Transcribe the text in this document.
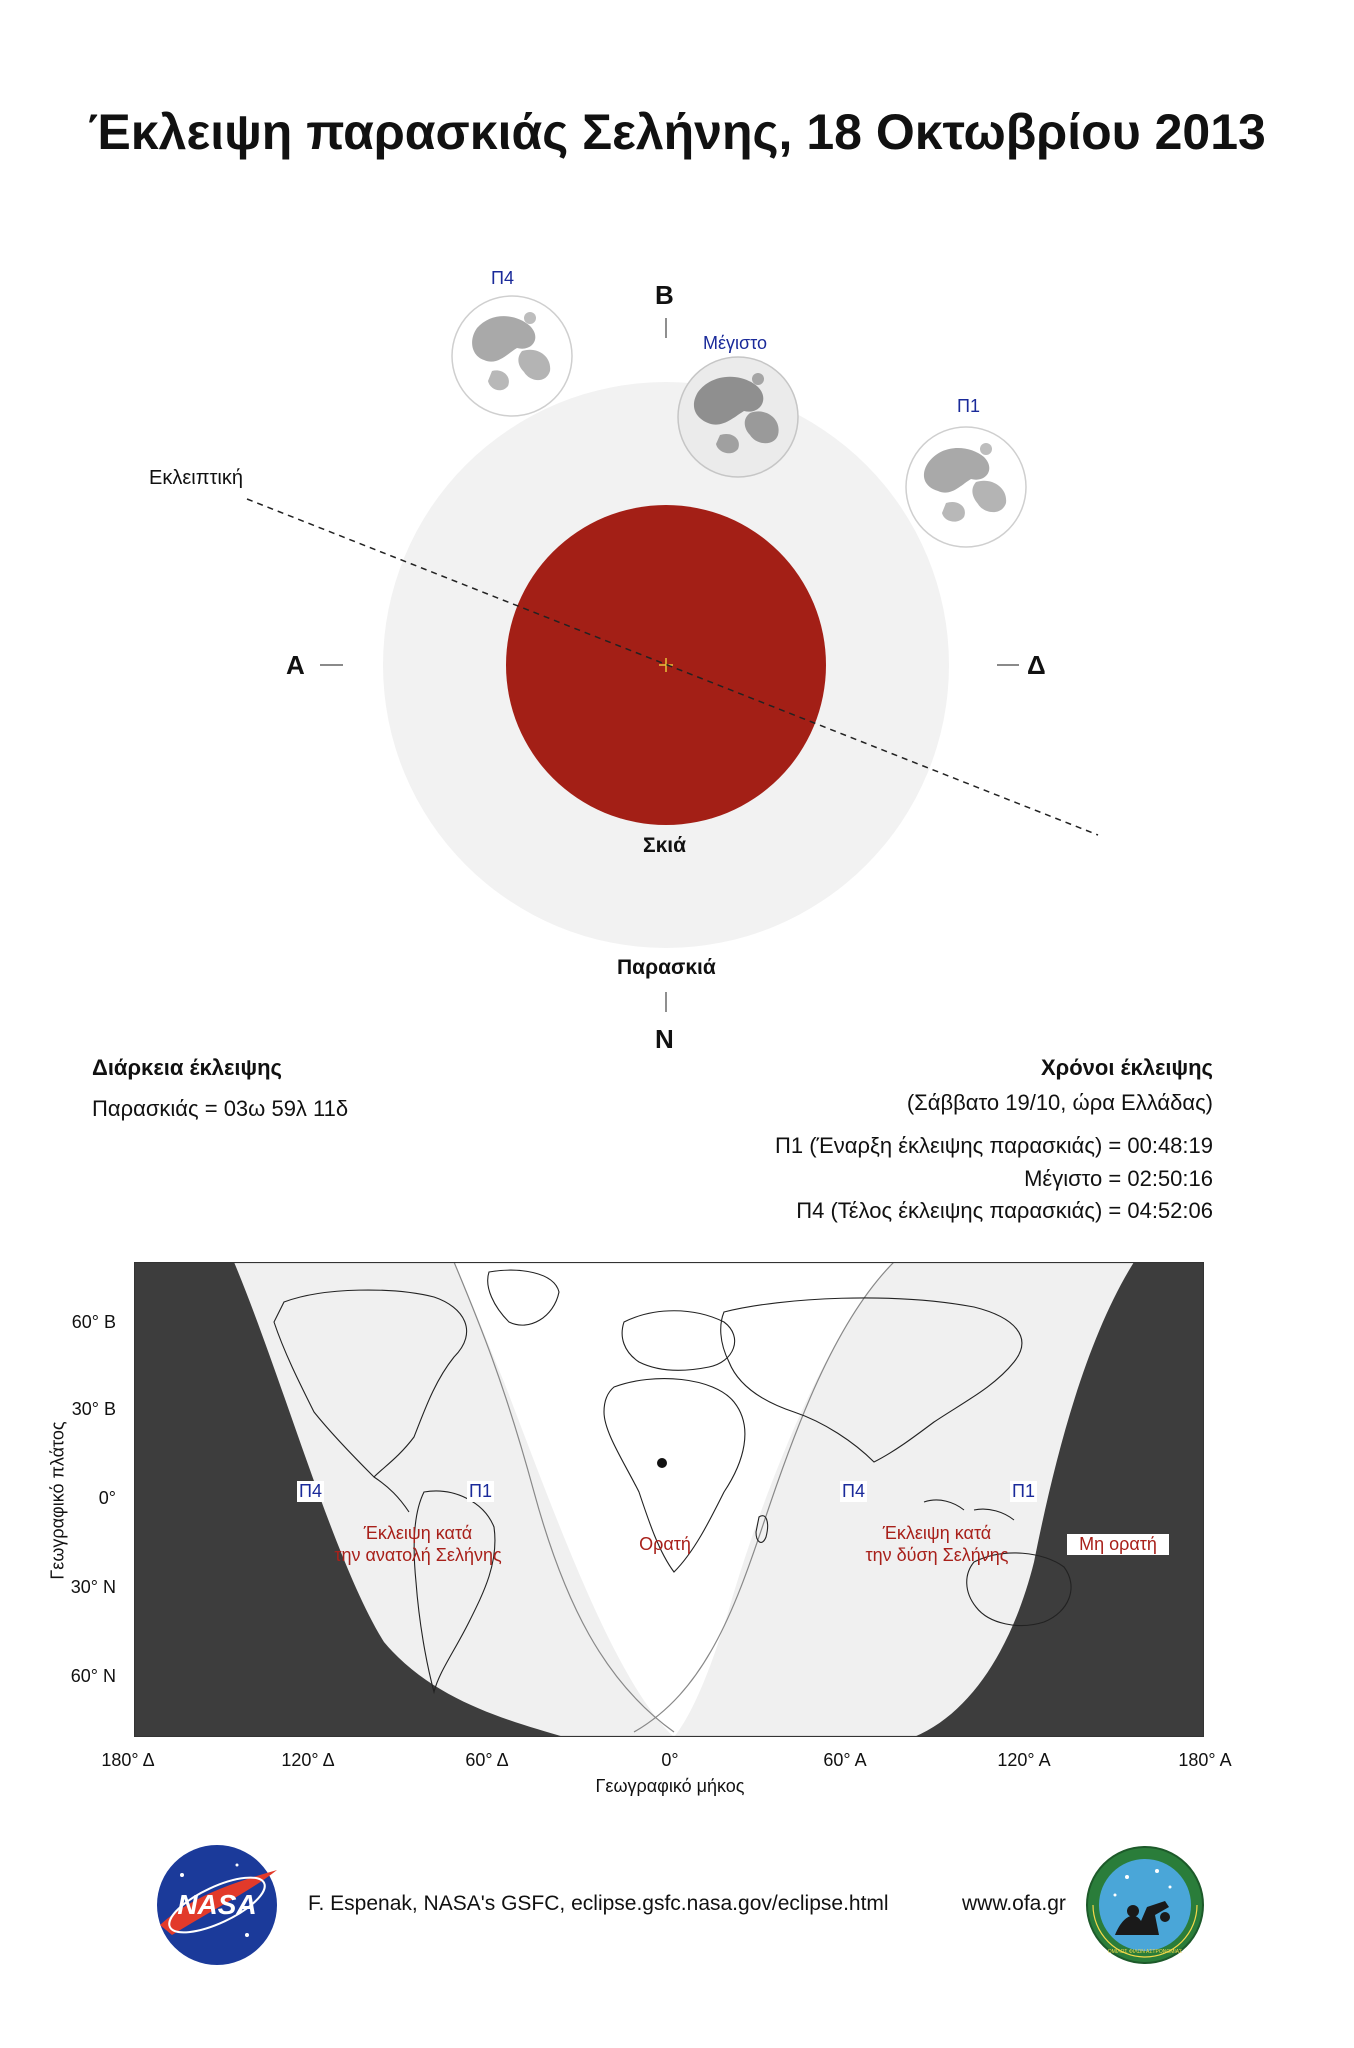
Έκλειψη παρασκιάς Σελήνης, 18 Οκτωβρίου 2013
Β
Ν
Α	Δ
Εκλειπτική
Σκιά
Παρασκιά
Π4
Μέγιστο
Π1
Διάρκεια έκλειψης
Παρασκιάς = 03ω 59λ 11δ
Χρόνοι έκλειψης
(Σάββατο 19/10, ώρα Ελλάδας)
Π1 (Έναρξη έκλειψης παρασκιάς) = 00:48:19
Μέγιστο = 02:50:16
Π4 (Τέλος έκλειψης παρασκιάς) = 04:52:06
Π4	Π1	Π4	Π1
Έκλειψη κατά
την ανατολή Σελήνης
Ορατή
Έκλειψη κατά
την δύση Σελήνης
Μη ορατή
60° Β
30° Β
0°
30° Ν
60° Ν
Γεωγραφικό πλάτος
180° Δ	120° Δ	60° Δ	0°	60° Α	120° Α	180° Α
Γεωγραφικό μήκος
NASA F. Espenak, NASA's GSFC, eclipse.gsfc.nasa.gov/eclipse.html	www.ofa.gr
ΟΜΙΛΟΣ ΦΙΛΩΝ ΑΣΤΡΟΝΟΜΙΑΣ
